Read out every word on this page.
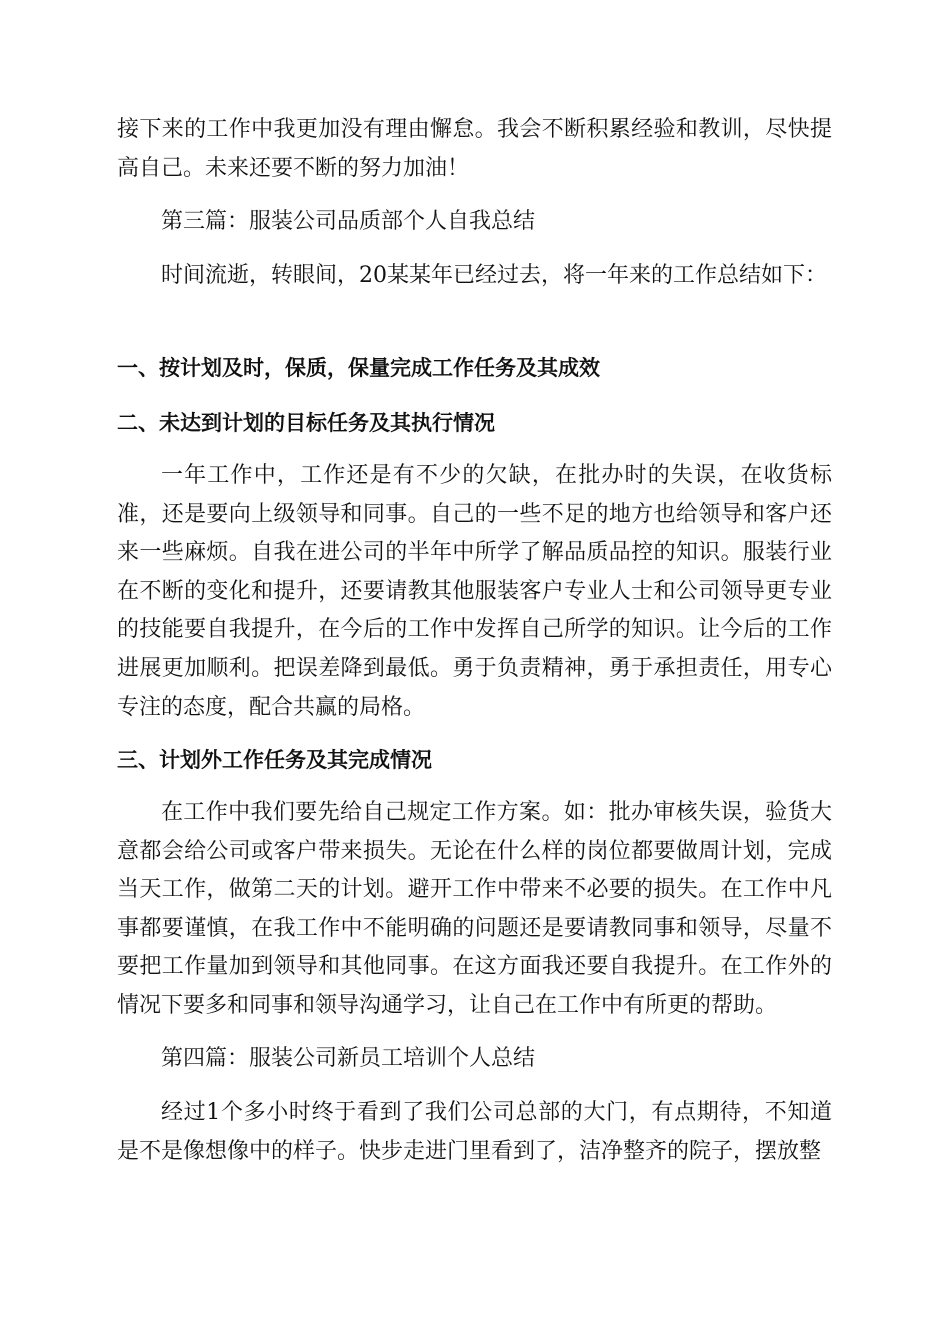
接下来的工作中我更加没有理由懈怠。我会不断积累经验和教训，尽快提高自己。未来还要不断的努力加油！

第三篇：服装公司品质部个人自我总结

时间流逝，转眼间，20某某年已经过去，将一年来的工作总结如下：

一、按计划及时，保质，保量完成工作任务及其成效
二、未达到计划的目标任务及其执行情况

一年工作中，工作还是有不少的欠缺，在批办时的失误，在收货标准，还是要向上级领导和同事。自己的一些不足的地方也给领导和客户还来一些麻烦。自我在进公司的半年中所学了解品质品控的知识。服装行业在不断的变化和提升，还要请教其他服装客户专业人士和公司领导更专业的技能要自我提升，在今后的工作中发挥自己所学的知识。让今后的工作进展更加顺利。把误差降到最低。勇于负责精神，勇于承担责任，用专心专注的态度，配合共赢的局格。

三、计划外工作任务及其完成情况

在工作中我们要先给自己规定工作方案。如：批办审核失误，验货大意都会给公司或客户带来损失。无论在什么样的岗位都要做周计划，完成当天工作，做第二天的计划。避开工作中带来不必要的损失。在工作中凡事都要谨慎，在我工作中不能明确的问题还是要请教同事和领导，尽量不要把工作量加到领导和其他同事。在这方面我还要自我提升。在工作外的情况下要多和同事和领导沟通学习，让自己在工作中有所更的帮助。

第四篇：服装公司新员工培训个人总结

经过1个多小时终于看到了我们公司总部的大门，有点期待，不知道是不是像想像中的样子。快步走进门里看到了，洁净整齐的院子，摆放整
